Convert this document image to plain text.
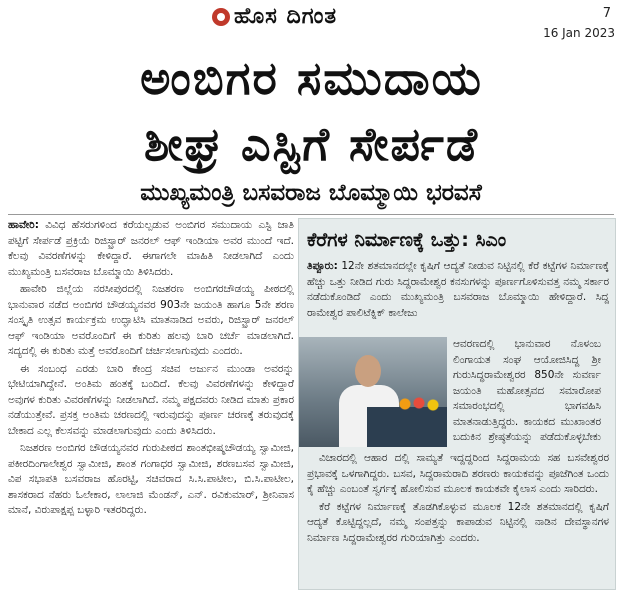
ಹೊಸ ದಿಗಂತ	7
16 Jan 2023
ಅಂಬಿಗರ ಸಮುದಾಯ
ಶೀಘ್ರ ಎಸ್ಟಿಗೆ ಸೇರ್ಪಡೆ
ಮುಖ್ಯಮಂತ್ರಿ ಬಸವರಾಜ ಬೊಮ್ಮಾಯಿ ಭರವಸೆ

ಹಾವೇರಿ: ವಿವಿಧ ಹೆಸರುಗಳಿಂದ ಕರೆಯಲ್ಪಡುವ ಅಂಬಿಗರ ಸಮುದಾಯ ಎಸ್ಟಿ ಜಾತಿ ಪಟ್ಟಿಗೆ ಸೇರ್ಪಡೆ ಪ್ರಕ್ರಿಯೆ ರಿಜಿಸ್ಟ್ರಾರ್ ಜನರಲ್ ಆಫ್ ಇಂಡಿಯಾ ಅವರ ಮುಂದೆ ಇದೆ. ಕೆಲವು ವಿವರಣೆಗಳನ್ನು ಕೇಳಿದ್ದಾರೆ. ಈಗಾಗಲೇ ಮಾಹಿತಿ ನೀಡಲಾಗಿದೆ ಎಂದು ಮುಖ್ಯಮಂತ್ರಿ ಬಸವರಾಜ ಬೊಮ್ಮಾಯಿ ತಿಳಿಸಿದರು.

ಹಾವೇರಿ ಜಿಲ್ಲೆಯ ನರಸೀಪುರದಲ್ಲಿ ನಿಜಶರಣ ಅಂಬಿಗರಚೌಡಯ್ಯ ಪೀಠದಲ್ಲಿ ಭಾನುವಾರ ನಡೆದ ಅಂಬಿಗರ ಚೌಡಯ್ಯನವರ 903ನೇ ಜಯಂತಿ ಹಾಗೂ 5ನೇ ಶರಣ ಸಂಸ್ಕೃತಿ ಉತ್ಸವ ಕಾರ್ಯಕ್ರಮ ಉದ್ಘಾಟಿಸಿ ಮಾತನಾಡಿದ ಅವರು, ರಿಜಿಸ್ಟ್ರಾರ್ ಜನರಲ್ ಆಫ್ ಇಂಡಿಯಾ ಅವರೊಂದಿಗೆ ಈ ಕುರಿತು ಹಲವು ಬಾರಿ ಚರ್ಚೆ ಮಾಡಲಾಗಿದೆ. ಸದ್ಯದಲ್ಲಿ ಈ ಕುರಿತು ಮತ್ತೆ ಅವರೊಂದಿಗೆ ಚರ್ಚಿಸಲಾಗುವುದು ಎಂದರು.

ಈ ಸಂಬಂಧ ಎರಡು ಬಾರಿ ಕೇಂದ್ರ ಸಚಿವ ಅರ್ಜುನ ಮುಂಡಾ ಅವರನ್ನು ಭೇಟಿಯಾಗಿದ್ದೇನೆ. ಅಂತಿಮ ಹಂತಕ್ಕೆ ಬಂದಿದೆ. ಕೆಲವು ವಿವರಣೆಗಳನ್ನು ಕೇಳಿದ್ದಾರೆ ಅವುಗಳ ಕುರಿತು ವಿವರಣೆಗಳನ್ನು ನೀಡಲಾಗಿದೆ. ನಮ್ಮ ಪಕ್ಷದವರು ನೀಡಿದ ಮಾತು ಪ್ರಕಾರ ನಡೆಯುತ್ತೇವೆ. ಪ್ರಸಕ್ತ ಅಂತಿಮ ಚರಣದಲ್ಲಿ ಇರುವುದನ್ನು ಪೂರ್ಣ ಚರಣಕ್ಕೆ ತರುವುದಕ್ಕೆ ಬೇಕಾದ ಎಲ್ಲ ಕೆಲಸವನ್ನು ಮಾಡಲಾಗುವುದು ಎಂದು ತಿಳಿಸಿದರು.

ನಿಜಶರಣ ಅಂಬಿಗರ ಚೌಡಯ್ಯನವರ ಗುರುಪೀಠದ ಶಾಂತಭೀಷ್ಮಚೌಡಯ್ಯ ಸ್ವಾಮೀಜಿ, ಪಕೀರದಿಂಗಾಲೇಶ್ವರ ಸ್ವಾಮೀಜಿ, ಶಾಂತ ಗಂಗಾಧರ ಸ್ವಾಮೀಜಿ, ಶರಣಬಸವ ಸ್ವಾಮೀಜಿ, ವಿಪ ಸಭಾಪತಿ ಬಸವರಾಜ ಹೊರಟ್ಟಿ, ಸಚಿವರಾದ ಸಿ.ಸಿ.ಪಾಟೀಲ, ಬಿ.ಸಿ.ಪಾಟೀಲ, ಶಾಸಕರಾದ ನೆಹರು ಓಲೇಕಾರ, ಲಾಲಾಜಿ ಮೆಂಡನ್, ಎನ್. ರವಿಕುಮಾರ್, ಶ್ರೀನಿವಾಸ ಮಾನೆ, ವಿರುಪಾಕ್ಷಪ್ಪ ಬಳ್ಳಾರಿ ಇತರರಿದ್ದರು.

ಕೆರೆಗಳ ನಿರ್ಮಾಣಕ್ಕೆ ಒತ್ತು: ಸಿಎಂ

ತಿಪ್ಪೂರು: 12ನೇ ಶತಮಾನದಲ್ಲೇ ಕೃಷಿಗೆ ಆದ್ಯತೆ ನೀಡುವ ನಿಟ್ಟಿನಲ್ಲಿ ಕೆರೆ ಕಟ್ಟೆಗಳ ನಿರ್ಮಾಣಕ್ಕೆ ಹೆಚ್ಚು ಒತ್ತು ನೀಡಿದ ಗುರು ಸಿದ್ದರಾಮೇಶ್ವರ ಕನಸುಗಳನ್ನು ಪೂರ್ಣಗೊಳಿಸುವತ್ತ ನಮ್ಮ ಸರ್ಕಾರ ನಡೆದುಕೊಂಡಿದೆ ಎಂದು ಮುಖ್ಯಮಂತ್ರಿ ಬಸವರಾಜ ಬೊಮ್ಮಾಯಿ ಹೇಳಿದ್ದಾರೆ. ಸಿದ್ದ ರಾಮೇಶ್ವರ ಪಾಲಿಟೆಕ್ನಿಕ್ ಕಾಲೇಜು

ಆವರಣದಲ್ಲಿ ಭಾನುವಾರ ನೊಳಂಬ ಲಿಂಗಾಯತ ಸಂಘ ಆಯೋಜಿಸಿದ್ದ ಶ್ರೀ ಗುರುಸಿದ್ಧರಾಮೇಶ್ವರರ 850ನೇ ಸುವರ್ಣ ಜಯಂತಿ ಮಹೋತ್ಸವದ ಸಮಾರೋಪ ಸಮಾರಂಭದಲ್ಲಿ ಭಾಗವಹಿಸಿ ಮಾತನಾಡುತ್ತಿದ್ದರು. ಕಾಯಕದ ಮುಖಾಂತರ ಬದುಕಿನ ಶ್ರೇಷ್ಠತೆಯನ್ನು ಪಡೆದುಕೊಳ್ಳಬೇಕು

ವಿಚಾರದಲ್ಲಿ ಆಹಾರ ದಲ್ಲಿ ಸಾಮ್ಯತೆ ಇದ್ದದ್ದರಿಂದ ಸಿದ್ದರಾಮಯ ಸಹ ಬಸವೇಶ್ವರರ ಪ್ರಭಾವಕ್ಕೆ ಒಳಗಾಗಿದ್ದರು. ಬಸವ, ಸಿದ್ದರಾಮರಾದಿ ಶರಣರು ಕಾಯಕವನ್ನು ಪೂಜೆಗಿಂತ ಒಂದು ಕೈ ಹೆಚ್ಚು ಎಂಬಂತೆ ಸ್ವರ್ಗಕ್ಕೆ ಹೋಲಿಸುವ ಮೂಲಕ ಕಾಯಕವೇ ಕೈಲಾಸ ಎಂದು ಸಾರಿದರು.

ಕೆರೆ ಕಟ್ಟೆಗಳ ನಿರ್ಮಾಣಕ್ಕೆ ತೊಡಗಿಕೊಳ್ಳುವ ಮೂಲಕ 12ನೇ ಶತಮಾನದಲ್ಲಿ ಕೃಷಿಗೆ ಆದ್ಯತೆ ಕೊಟ್ಟಿದ್ದಲ್ಲದೆ, ನಮ್ಮ ಸಂಪತ್ತನ್ನು ಕಾಪಾಡುವ ನಿಟ್ಟಿನಲ್ಲಿ ನಾಡಿನ ದೇವಸ್ಥಾನಗಳ ನಿರ್ಮಾಣ ಸಿದ್ದರಾಮೇಶ್ವರರ ಗುರಿಯಾಗಿತ್ತು ಎಂದರು.
